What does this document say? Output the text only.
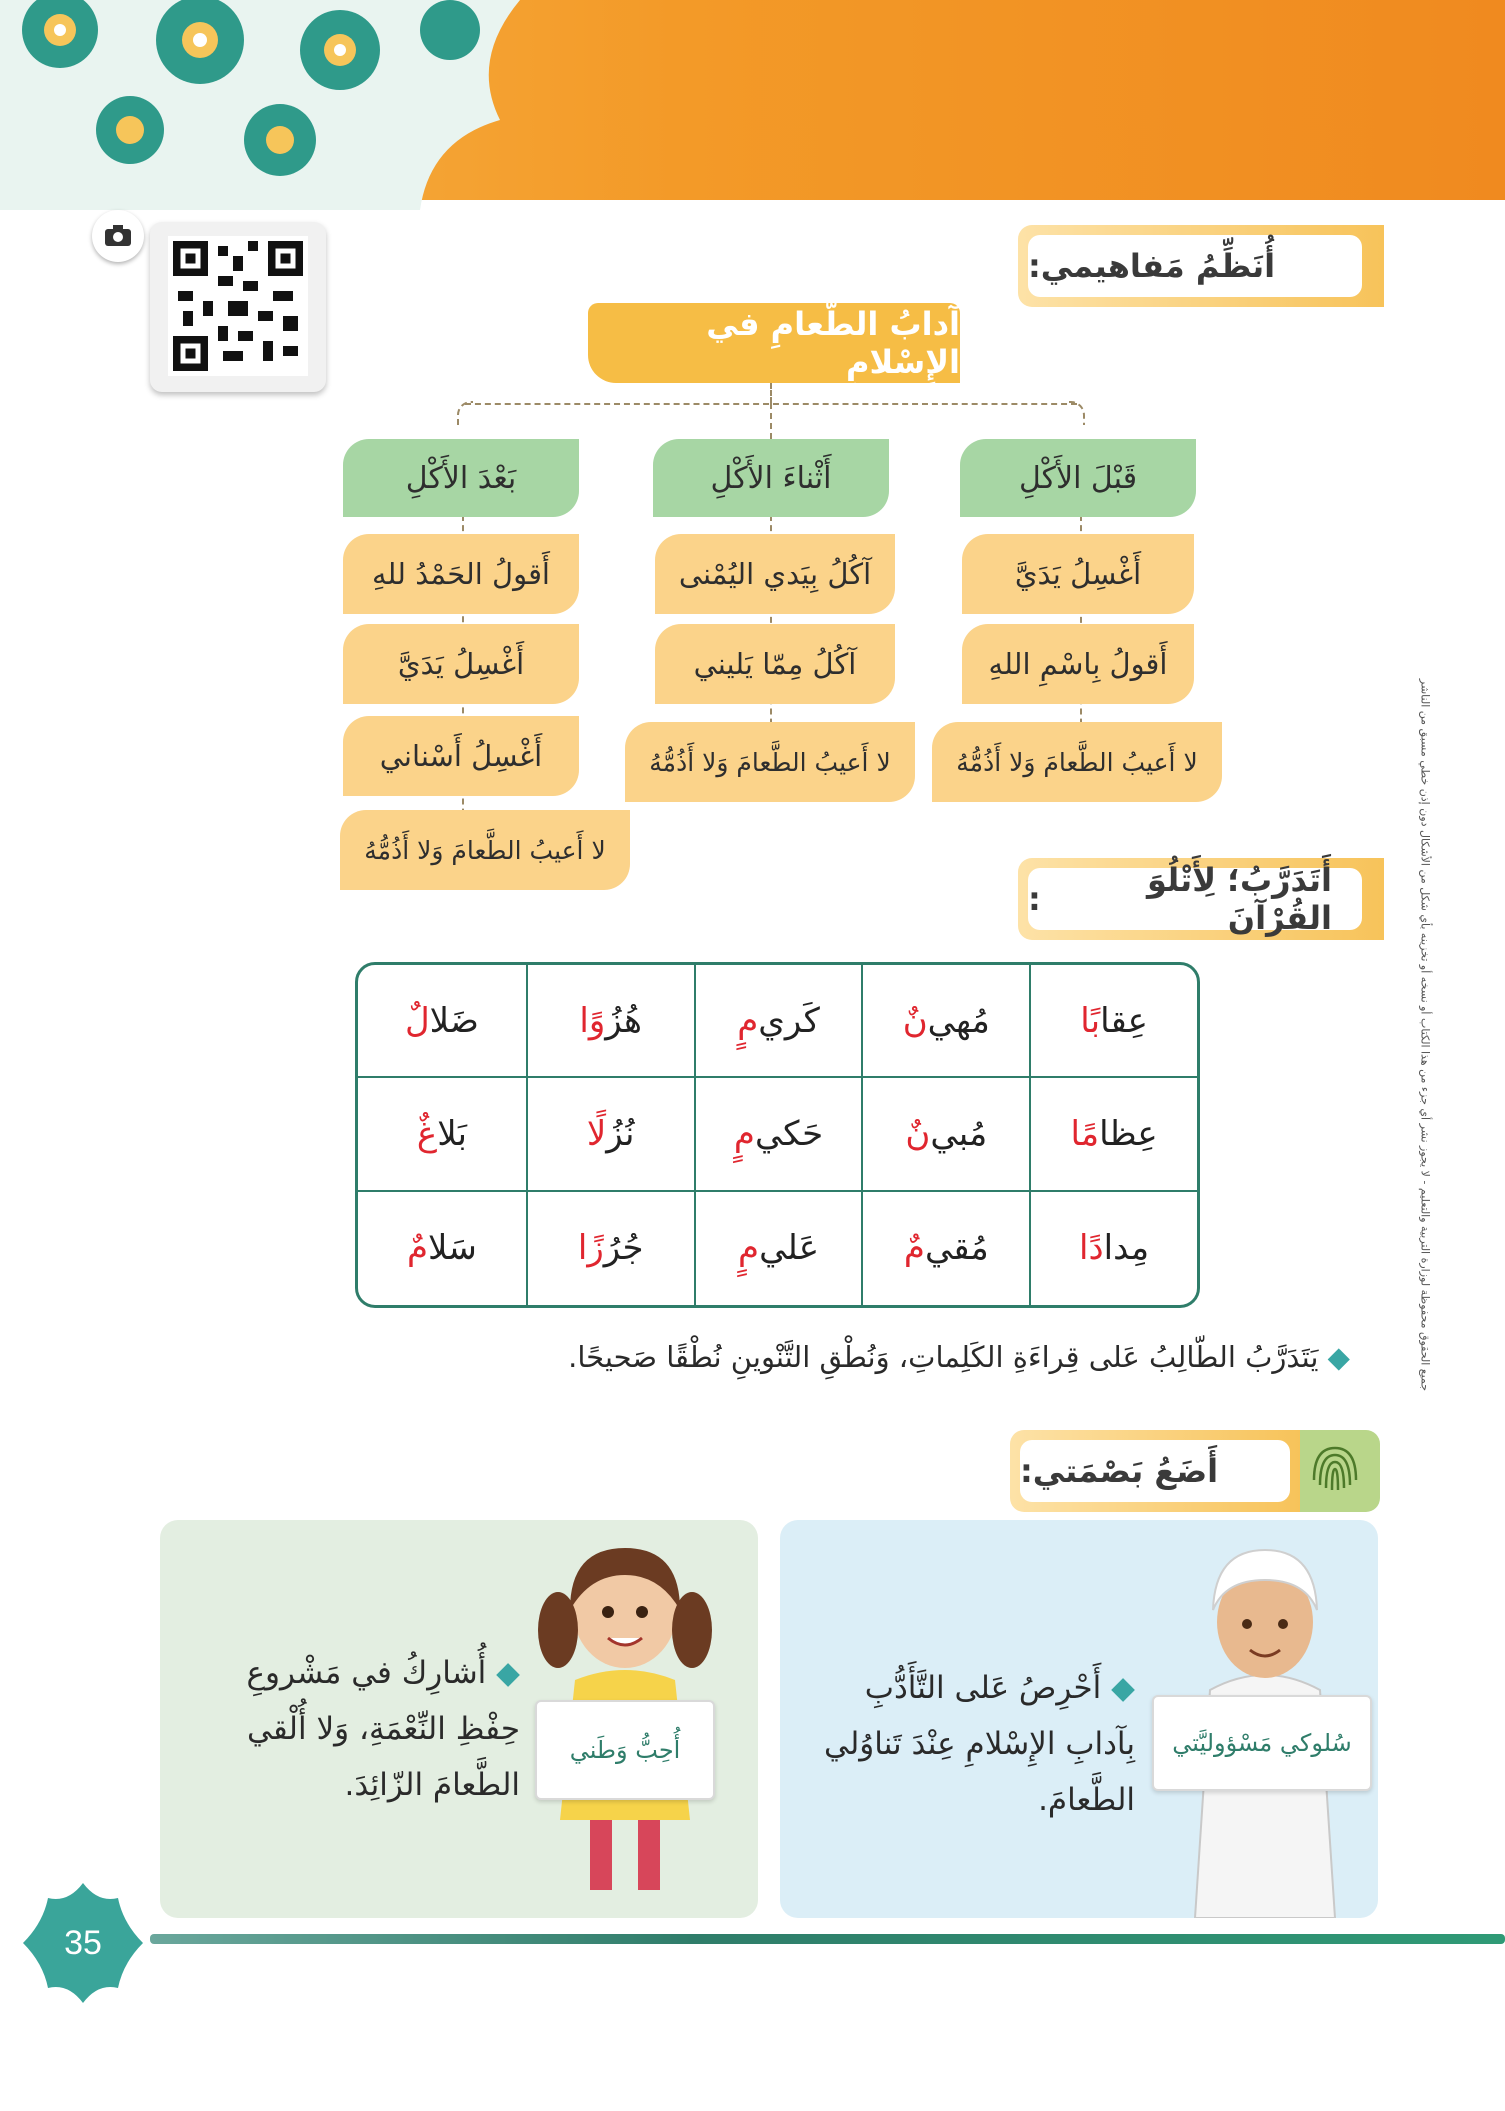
أُنَظِّمُ مَفاهيمي
:
آدابُ الطَّعامِ في الإِسْلامِ
قَبْلَ الأَكْلِ
أَغْسِلُ يَدَيَّ
أَقولُ بِاسْمِ اللهِ
لا أَعيبُ الطَّعامَ وَلا أَذُمُّهُ
أَثْناءَ الأَكْلِ
آكُلُ بِيَدي اليُمْنى
آكُلُ مِمّا يَليني
لا أَعيبُ الطَّعامَ وَلا أَذُمُّهُ
بَعْدَ الأَكْلِ
أَقولُ الحَمْدُ للهِ
أَغْسِلُ يَدَيَّ
أَغْسِلُ أَسْناني
لا أَعيبُ الطَّعامَ وَلا أَذُمُّهُ
أَتَدَرَّبُ؛ لِأَتْلُوَ القُرْآنَ
:
عِقا
بًا
مُهي
نٌ
كَري
مٍ
هُزُ
وًا
ضَلا
لٌ
عِظا
مًا
مُبي
نٌ
حَكي
مٍ
نُزُ
لًا
بَلا
غٌ
مِدا
دًا
مُقي
مٌ
عَلي
مٍ
جُرُ
زًا
سَلا
مٌ
◆ يَتَدَرَّبُ الطّالِبُ عَلى قِراءَةِ الكَلِماتِ، وَنُطْقِ التَّنْوينِ نُطْقًا صَحيحًا.
أَضَعُ بَصْمَتي
:
◆ أَحْرِصُ عَلى التَّأَدُّبِ بِآدابِ الإِسْلامِ عِنْدَ تَناوُلي الطَّعامَ.
سُلوكي مَسْؤوليَّتي
◆ أُشارِكُ في مَشْروعِ حِفْظِ النِّعْمَةِ، وَلا أُلْقي الطَّعامَ الزّائِدَ.
أُحِبُّ وَطَني
35
جميع الحقوق محفوظة لوزارة التربية والتعليم - لا يجوز نشر أي جزء من هذا الكتاب أو نسخه أو تخزينه بأي شكل من الأشكال دون إذن خطي مسبق من الناشر
